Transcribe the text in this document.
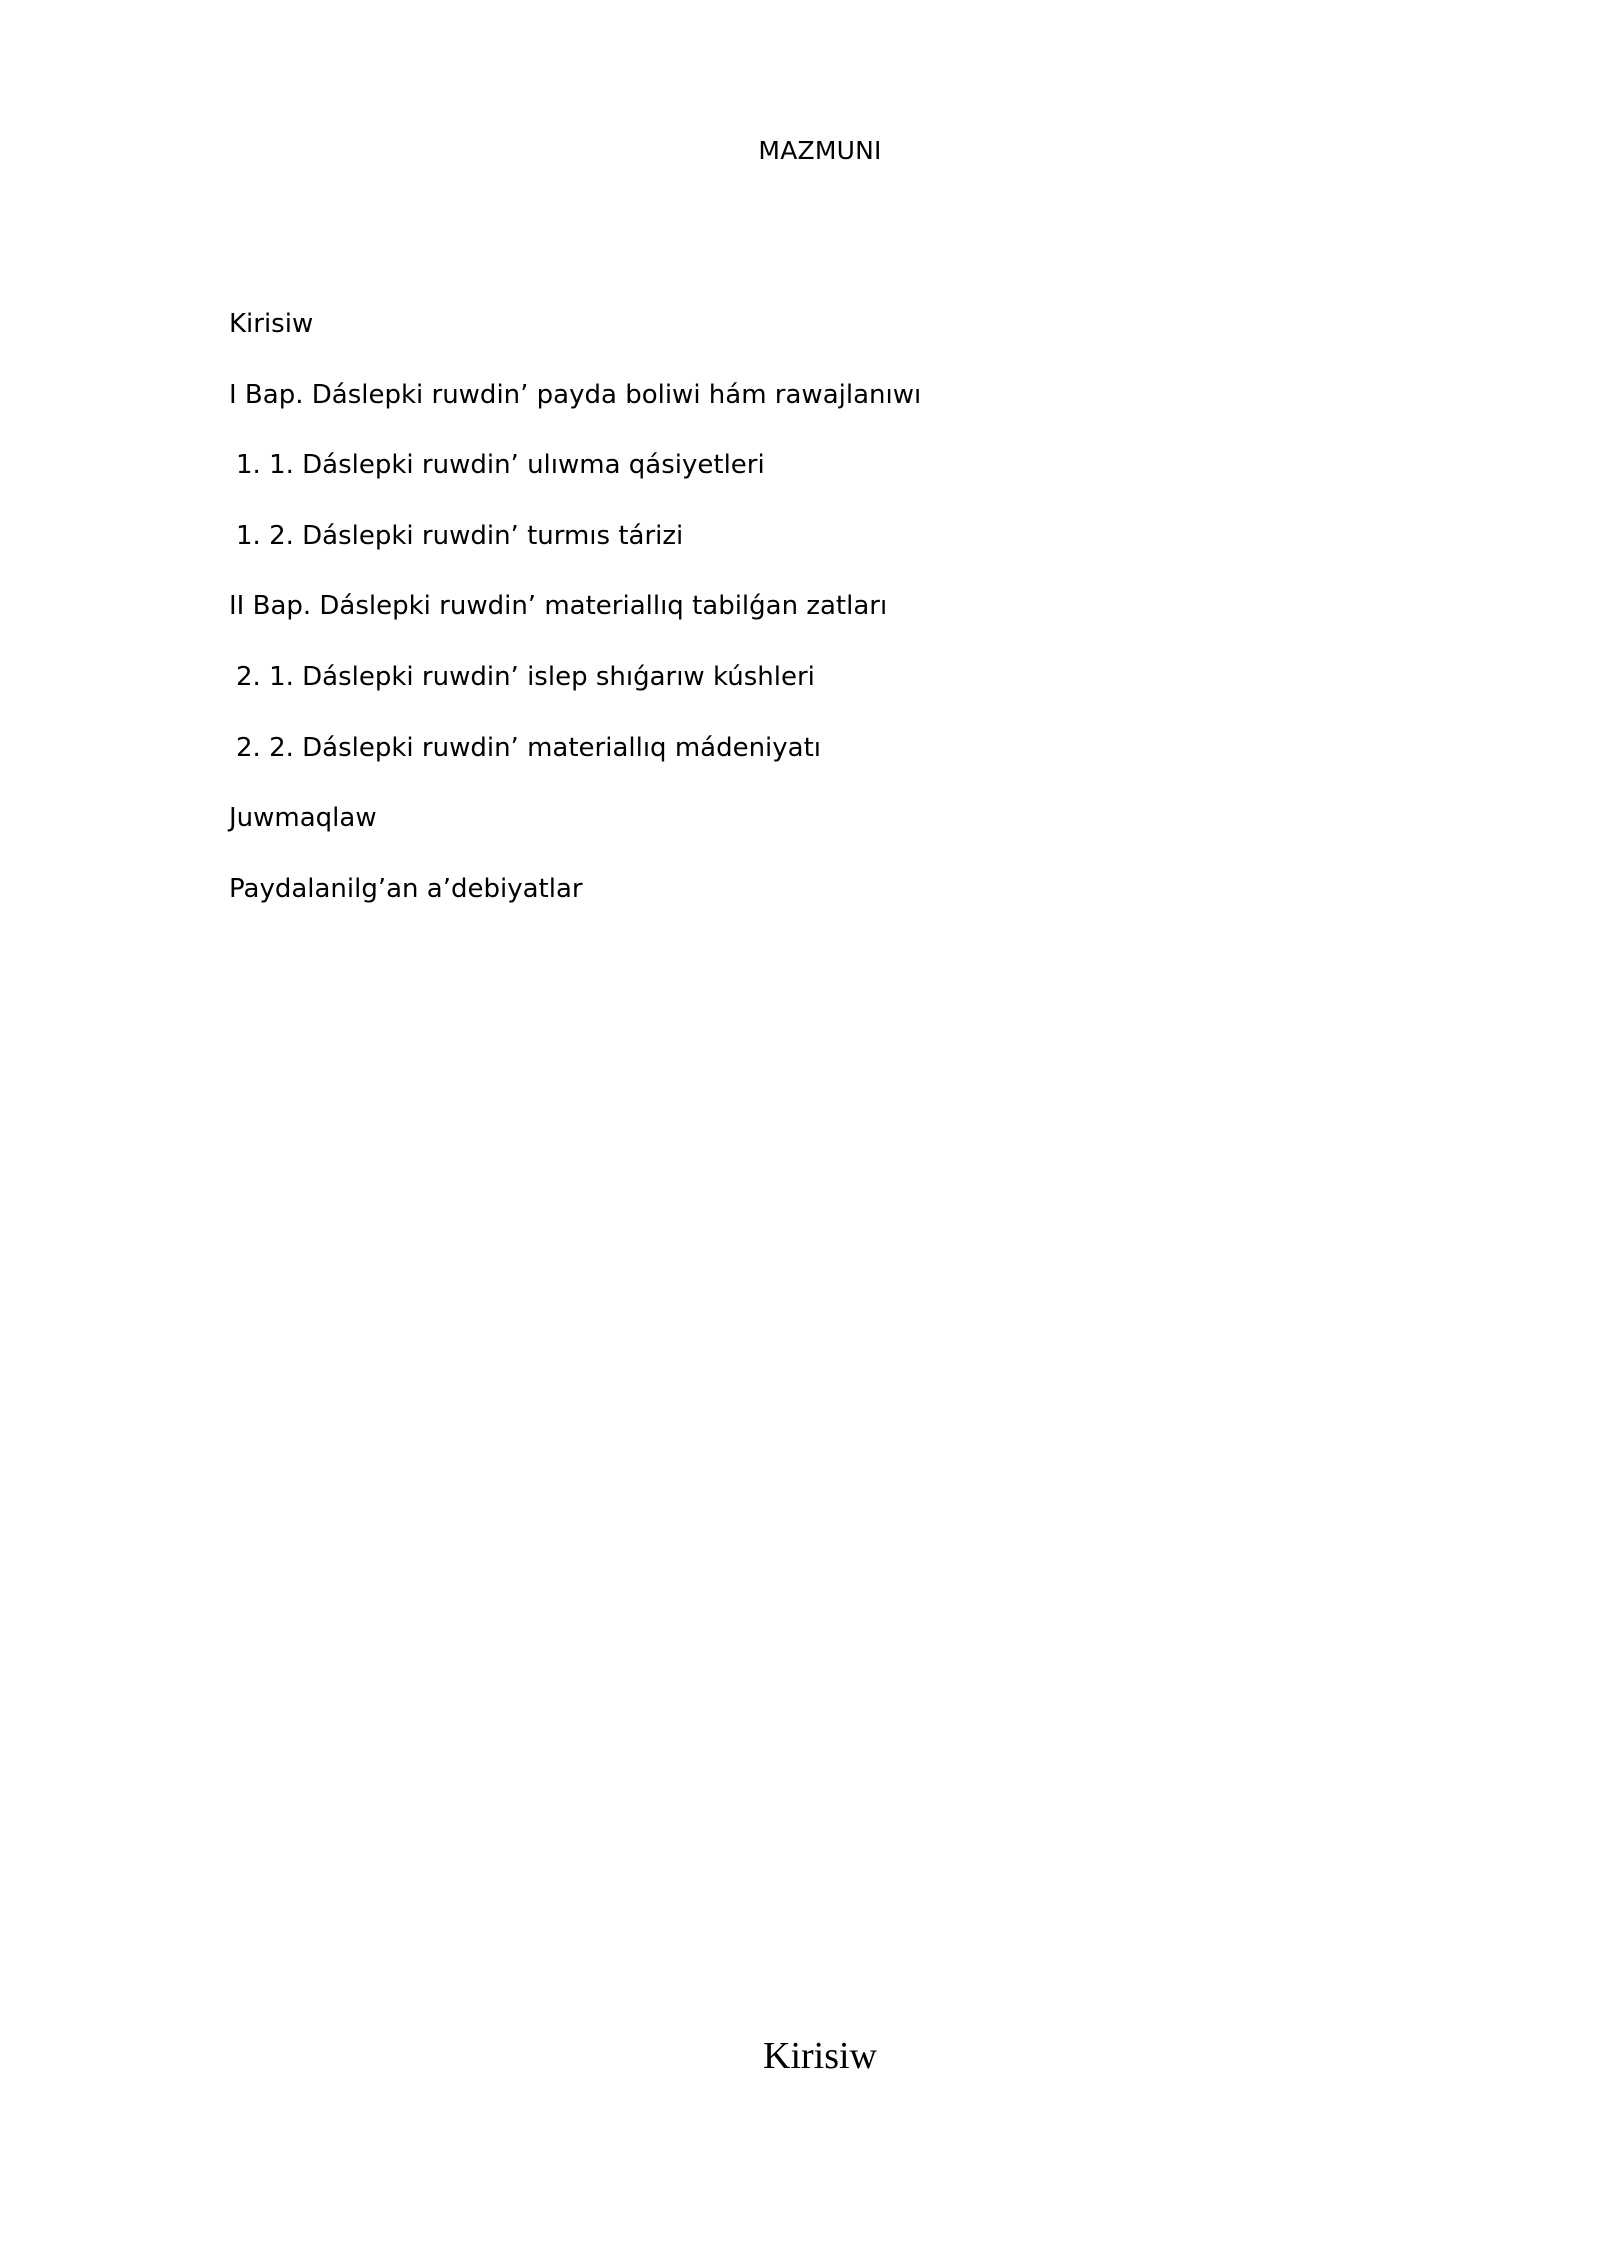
MAZMUNI
Kirisiw
I Bap. Dáslepki ruwdin’ payda boliwi hám rawajlanıwı
1. 1. Dáslepki ruwdin’ ulıwma qásiyetleri
1. 2. Dáslepki ruwdin’ turmıs tárizi
II Bap. Dáslepki ruwdin’ materiallıq tabilǵan zatları
2. 1. Dáslepki ruwdin’ islep shıǵarıw kúshleri
2. 2. Dáslepki ruwdin’ materiallıq mádeniyatı
Juwmaqlaw
Paydalanilg’an a’debiyatlar
Kirisiw
